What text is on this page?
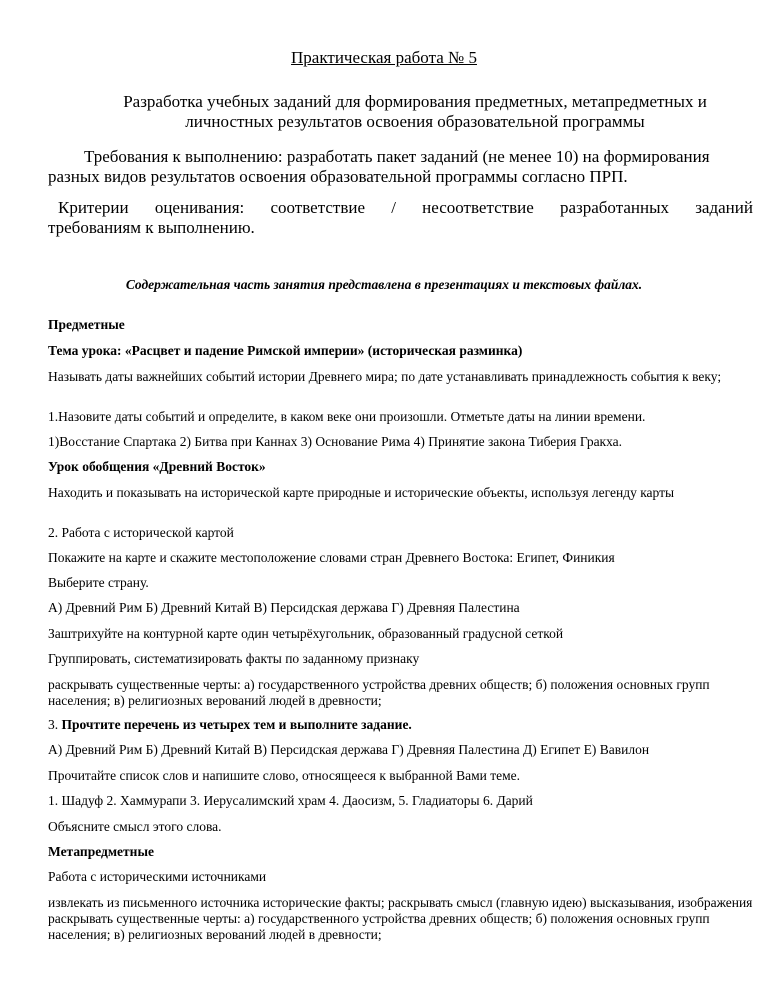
Практическая работа № 5
Разработка учебных заданий для формирования предметных, метапредметных и личностных результатов освоения образовательной программы
Требования к выполнению: разработать пакет заданий (не менее 10) на формирования разных видов результатов освоения образовательной программы согласно ПРП.
Критерии оценивания: соответствие / несоответствие разработанных заданий
требованиям к выполнению.
Содержательная часть занятия представлена в презентациях и текстовых файлах.
Предметные
Тема урока: «Расцвет и падение Римской империи» (историческая разминка)
Называть даты важнейших событий истории Древнего мира; по дате устанавливать принадлежность события к веку;
1.Назовите даты событий и определите, в каком веке они произошли. Отметьте даты на линии времени.
1)Восстание Спартака 2) Битва при Каннах 3) Основание Рима 4) Принятие закона Тиберия Гракха.
Урок обобщения «Древний Восток»
Находить и показывать на исторической карте природные и исторические объекты, используя легенду карты
2. Работа с исторической картой
Покажите на карте и скажите местоположение словами стран Древнего Востока: Египет, Финикия
Выберите страну.
А) Древний Рим Б) Древний Китай В) Персидская держава Г) Древняя Палестина
Заштрихуйте на контурной карте один четырёхугольник, образованный градусной сеткой
Группировать, систематизировать факты по заданному признаку
раскрывать существенные черты: а) государственного устройства древних обществ; б) положения основных групп населения; в) религиозных верований людей в древности;
3. Прочтите перечень из четырех тем и выполните задание.
А) Древний Рим Б) Древний Китай В) Персидская держава Г) Древняя Палестина Д) Египет Е) Вавилон
Прочитайте список слов и напишите слово, относящееся к выбранной Вами теме.
1. Шадуф 2. Хаммурапи 3. Иерусалимский храм 4. Даосизм, 5. Гладиаторы 6. Дарий
Объясните смысл этого слова.
Метапредметные
Работа с историческими источниками
извлекать из письменного источника исторические факты; раскрывать смысл (главную идею) высказывания, изображения раскрывать существенные черты: а) государственного устройства древних обществ; б) положения основных групп населения; в) религиозных верований людей в древности;
